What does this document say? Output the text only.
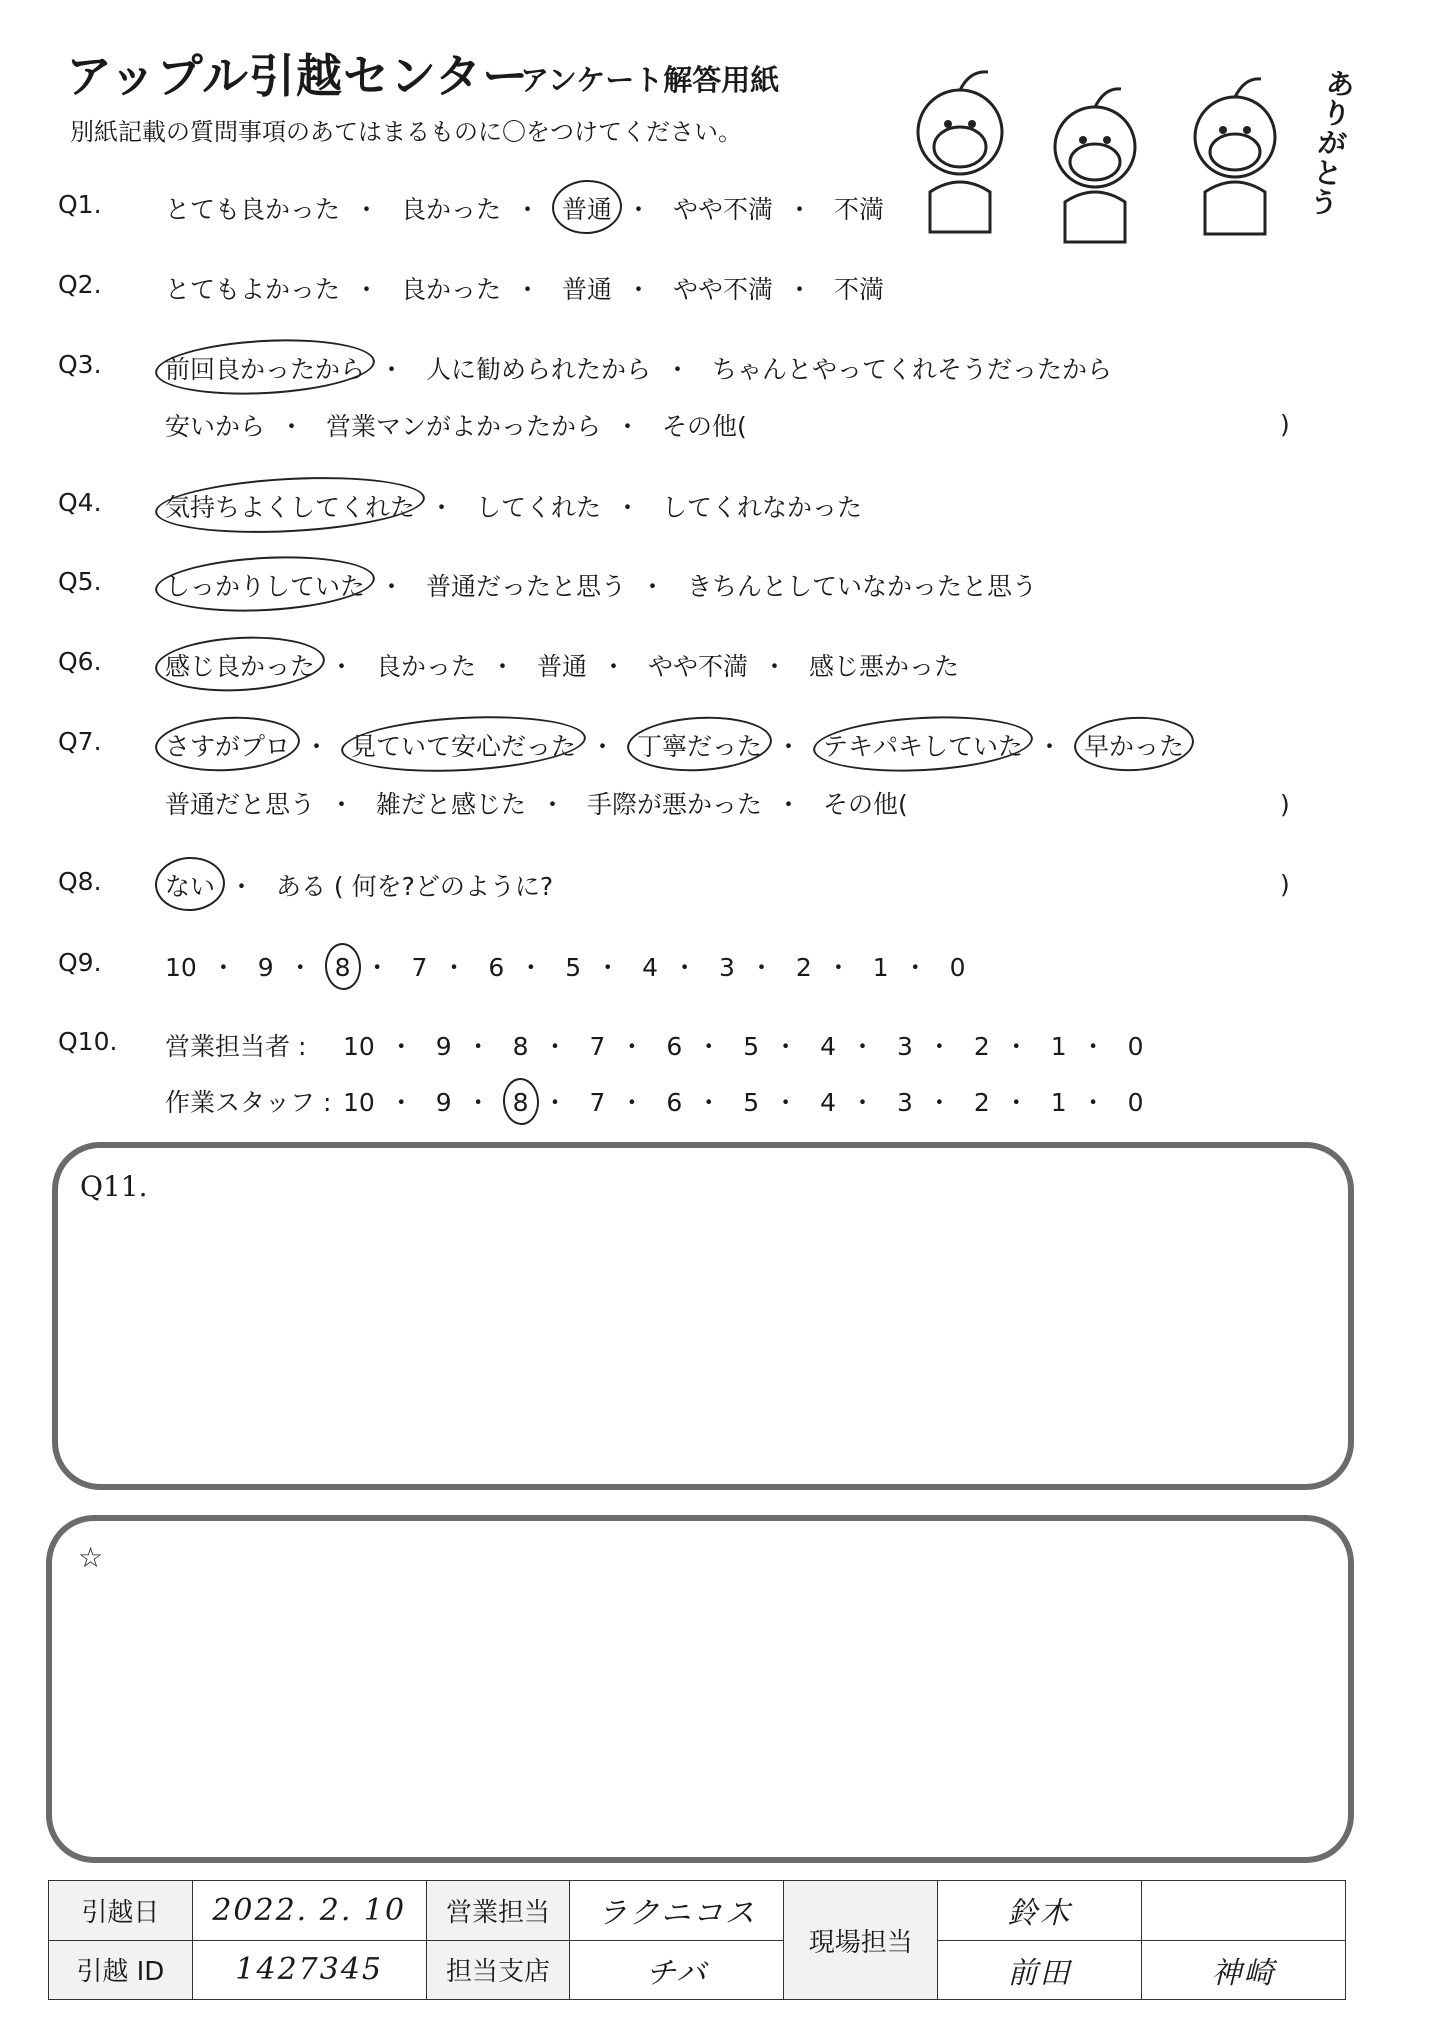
アップル引越センター
アンケート解答用紙
別紙記載の質問事項のあてはまるものに〇をつけてください。
ありがとう
Q1.	とても良かった ・ 良かった ・ 普通 ・ やや不満 ・ 不満
Q2.	とてもよかった ・ 良かった ・ 普通 ・ やや不満 ・ 不満
Q3.	前回良かったから ・ 人に勧められたから ・ ちゃんとやってくれそうだったから
安いから ・ 営業マンがよかったから ・ その他(	)
Q4.	気持ちよくしてくれた ・ してくれた ・ してくれなかった
Q5.	しっかりしていた ・ 普通だったと思う ・ きちんとしていなかったと思う
Q6.	感じ良かった ・ 良かった ・ 普通 ・ やや不満 ・ 感じ悪かった
Q7.	さすがプロ ・ 見ていて安心だった ・ 丁寧だった ・ テキパキしていた ・ 早かった
普通だと思う ・ 雑だと感じた ・ 手際が悪かった ・ その他(	)
Q8.	ない ・ ある ( 何を?どのように?	)
Q9.	10 ・ 9 ・ 8 ・ 7 ・ 6 ・ 5 ・ 4 ・ 3 ・ 2 ・ 1 ・ 0
Q10. 営業担当者 : 10 ・ 9 ・ 8 ・ 7 ・ 6 ・ 5 ・ 4 ・ 3 ・ 2 ・ 1 ・ 0
作業スタッフ : 10 ・ 9 ・ 8 ・ 7 ・ 6 ・ 5 ・ 4 ・ 3 ・ 2 ・ 1 ・ 0
Q11.
☆
引越日	2022. 2. 10	営業担当	ラクニコス	現場担当	鈴木	
引越 ID	1427345	担当支店	チバ		前田	神崎
